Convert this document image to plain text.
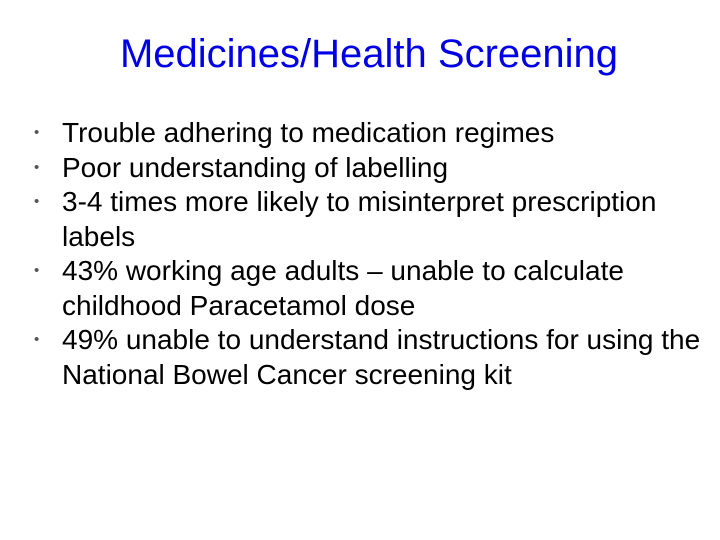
Medicines/Health Screening
• Trouble adhering to medication regimes
• Poor understanding of labelling
• 3-4 times more likely to misinterpret prescription labels
• 43% working age adults – unable to calculate childhood Paracetamol dose
• 49% unable to understand instructions for using the National Bowel Cancer screening kit
